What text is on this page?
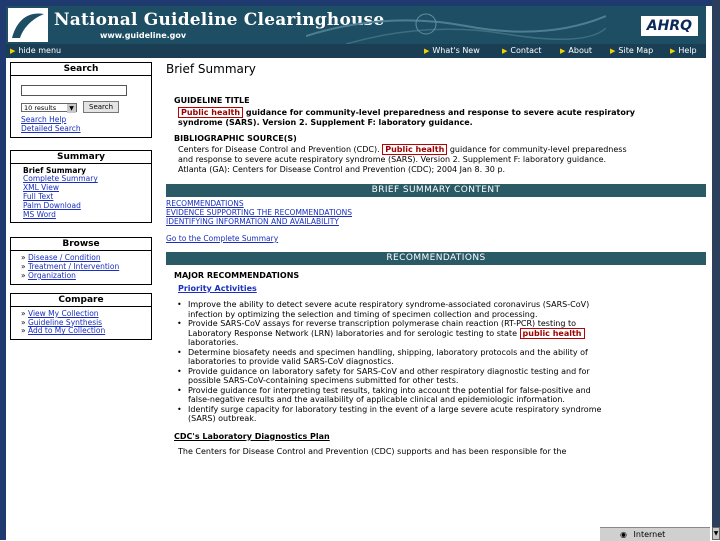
National Guideline Clearinghouse
www.guideline.gov
AHRQ
▶ hide menu	▶ What's New	▶ Contact	▶ About	▶ Site Map ▶ Help
Search
10 results	▼	Search
Search Help
Detailed Search
Summary
Brief Summary
Complete Summary
XML View
Full Text
Palm Download
MS Word
Browse
» Disease / Condition
» Treatment / Intervention
» Organization
Compare
» View My Collection
» Guideline Synthesis
» Add to My Collection
Brief Summary
GUIDELINE TITLE
Public health guidance for community-level preparedness and response to severe acute respiratory
syndrome (SARS). Version 2. Supplement F: laboratory guidance.
BIBLIOGRAPHIC SOURCE(S)
Centers for Disease Control and Prevention (CDC). Public health guidance for community-level preparedness
and response to severe acute respiratory syndrome (SARS). Version 2. Supplement F: laboratory guidance.
Atlanta (GA): Centers for Disease Control and Prevention (CDC); 2004 Jan 8. 30 p.
BRIEF SUMMARY CONTENT
RECOMMENDATIONS
EVIDENCE SUPPORTING THE RECOMMENDATIONS
IDENTIFYING INFORMATION AND AVAILABILITY
Go to the Complete Summary
RECOMMENDATIONS
MAJOR RECOMMENDATIONS
Priority Activities
• Improve the ability to detect severe acute respiratory syndrome-associated coronavirus (SARS-CoV)
infection by optimizing the selection and timing of specimen collection and processing.
• Provide SARS-CoV assays for reverse transcription polymerase chain reaction (RT-PCR) testing to
Laboratory Response Network (LRN) laboratories and for serologic testing to state public health
laboratories.
• Determine biosafety needs and specimen handling, shipping, laboratory protocols and the ability of
laboratories to provide valid SARS-CoV diagnostics.
• Provide guidance on laboratory safety for SARS-CoV and other respiratory diagnostic testing and for
possible SARS-CoV-containing specimens submitted for other tests.
• Provide guidance for interpreting test results, taking into account the potential for false-positive and
false-negative results and the availability of applicable clinical and epidemiologic information.
• Identify surge capacity for laboratory testing in the event of a large severe acute respiratory syndrome
(SARS) outbreak.
CDC's Laboratory Diagnostics Plan
The Centers for Disease Control and Prevention (CDC) supports and has been responsible for the
◉ Internet	▼
